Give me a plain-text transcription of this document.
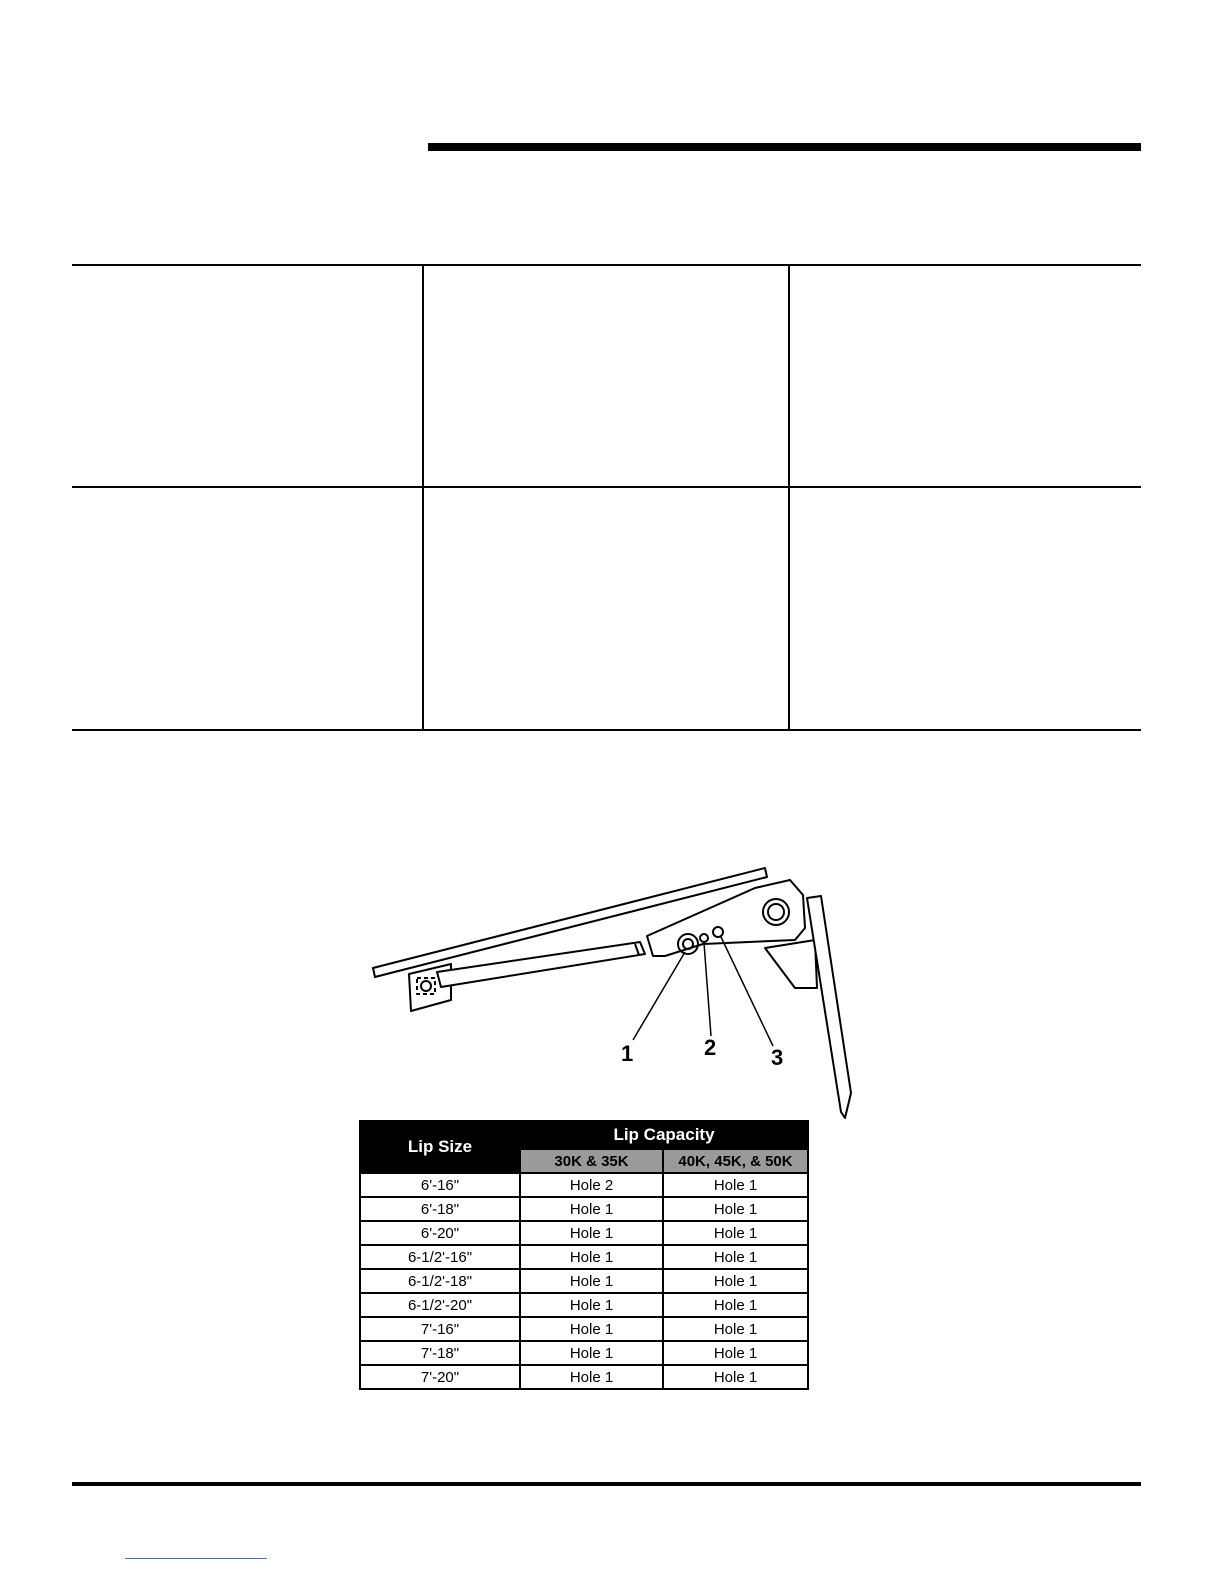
1	2 3
Lip Size	Lip Capacity	
	30K & 35K	40K, 45K, & 50K
6'-16"	Hole 2	Hole 1
6'-18"	Hole 1	Hole 1
6'-20"	Hole 1	Hole 1
6-1/2'-16"	Hole 1	Hole 1
6-1/2'-18"	Hole 1	Hole 1
6-1/2'-20"	Hole 1	Hole 1
7'-16"	Hole 1	Hole 1
7'-18"	Hole 1	Hole 1
7'-20"	Hole 1	Hole 1
